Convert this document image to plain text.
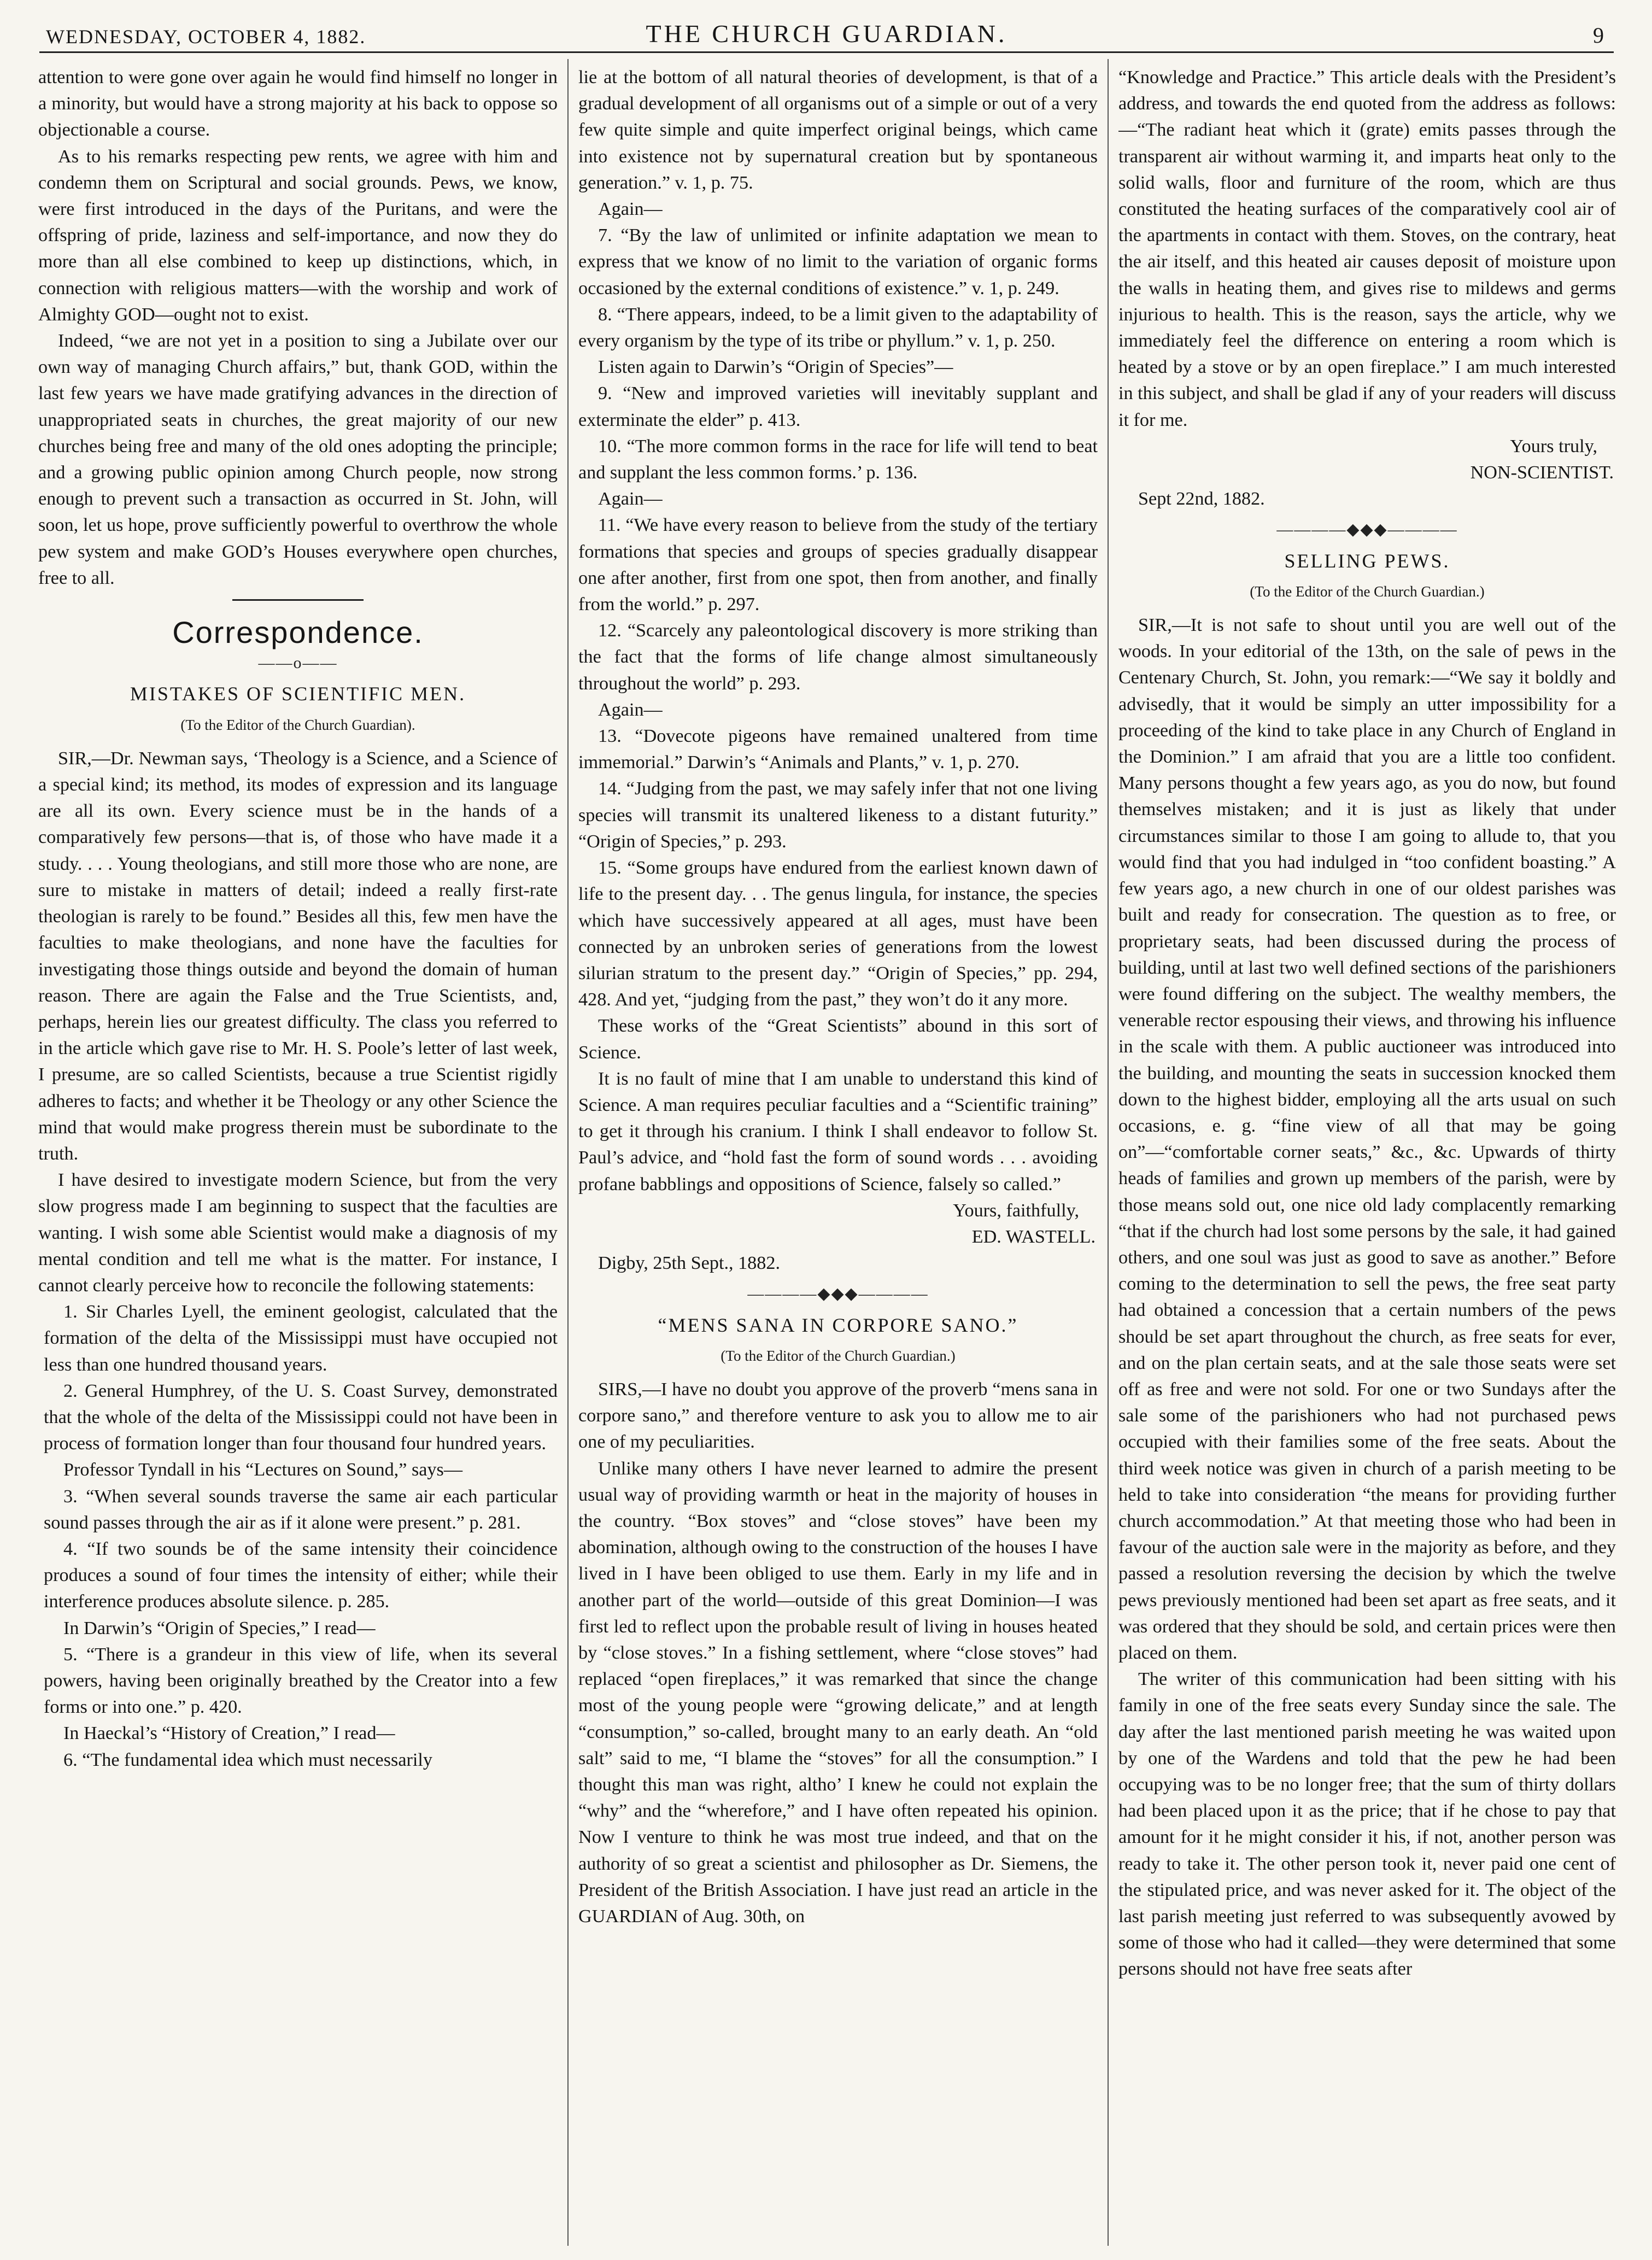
WEDNESDAY, OCTOBER 4, 1882.	THE CHURCH GUARDIAN.	9

attention to were gone over again he would find himself no longer in a minority, but would have a strong majority at his back to oppose so objectionable a course.

As to his remarks respecting pew rents, we agree with him and condemn them on Scriptural and social grounds. Pews, we know, were first introduced in the days of the Puritans, and were the offspring of pride, laziness and self-importance, and now they do more than all else combined to keep up distinctions, which, in connection with religious matters—with the worship and work of Almighty GOD—ought not to exist.

Indeed, “we are not yet in a position to sing a Jubilate over our own way of managing Church affairs,” but, thank GOD, within the last few years we have made gratifying advances in the direction of unappropriated seats in churches, the great majority of our new churches being free and many of the old ones adopting the principle; and a growing public opinion among Church people, now strong enough to prevent such a transaction as occurred in St. John, will soon, let us hope, prove sufficiently powerful to overthrow the whole pew system and make GOD’s Houses everywhere open churches, free to all.

Correspondence.
——o——
MISTAKES OF SCIENTIFIC MEN.
(To the Editor of the Church Guardian).

SIR,—Dr. Newman says, ‘Theology is a Science, and a Science of a special kind; its method, its modes of expression and its language are all its own. Every science must be in the hands of a comparatively few persons—that is, of those who have made it a study. . . . Young theologians, and still more those who are none, are sure to mistake in matters of detail; indeed a really first-rate theologian is rarely to be found.” Besides all this, few men have the faculties to make theologians, and none have the faculties for investigating those things outside and beyond the domain of human reason. There are again the False and the True Scientists, and, perhaps, herein lies our greatest difficulty. The class you referred to in the article which gave rise to Mr. H. S. Poole’s letter of last week, I presume, are so called Scientists, because a true Scientist rigidly adheres to facts; and whether it be Theology or any other Science the mind that would make progress therein must be subordinate to the truth.

I have desired to investigate modern Science, but from the very slow progress made I am beginning to suspect that the faculties are wanting. I wish some able Scientist would make a diagnosis of my mental condition and tell me what is the matter. For instance, I cannot clearly perceive how to reconcile the following statements:

1. Sir Charles Lyell, the eminent geologist, calculated that the formation of the delta of the Mississippi must have occupied not less than one hundred thousand years.

2. General Humphrey, of the U. S. Coast Survey, demonstrated that the whole of the delta of the Mississippi could not have been in process of formation longer than four thousand four hundred years.

Professor Tyndall in his “Lectures on Sound,” says—

3. “When several sounds traverse the same air each particular sound passes through the air as if it alone were present.” p. 281.

4. “If two sounds be of the same intensity their coincidence produces a sound of four times the intensity of either; while their interference produces absolute silence. p. 285.

In Darwin’s “Origin of Species,” I read—

5. “There is a grandeur in this view of life, when its several powers, having been originally breathed by the Creator into a few forms or into one.” p. 420.

In Haeckal’s “History of Creation,” I read—

6. “The fundamental idea which must necessarily

lie at the bottom of all natural theories of development, is that of a gradual development of all organisms out of a simple or out of a very few quite simple and quite imperfect original beings, which came into existence not by supernatural creation but by spontaneous generation.” v. 1, p. 75.

Again—

7. “By the law of unlimited or infinite adaptation we mean to express that we know of no limit to the variation of organic forms occasioned by the external conditions of existence.” v. 1, p. 249.

8. “There appears, indeed, to be a limit given to the adaptability of every organism by the type of its tribe or phyllum.” v. 1, p. 250.

Listen again to Darwin’s “Origin of Species”—

9. “New and improved varieties will inevitably supplant and exterminate the elder” p. 413.

10. “The more common forms in the race for life will tend to beat and supplant the less common forms.’ p. 136.

Again—

11. “We have every reason to believe from the study of the tertiary formations that species and groups of species gradually disappear one after another, first from one spot, then from another, and finally from the world.” p. 297.

12. “Scarcely any paleontological discovery is more striking than the fact that the forms of life change almost simultaneously throughout the world” p. 293.

Again—

13. “Dovecote pigeons have remained unaltered from time immemorial.” Darwin’s “Animals and Plants,” v. 1, p. 270.

14. “Judging from the past, we may safely infer that not one living species will transmit its unaltered likeness to a distant futurity.” “Origin of Species,” p. 293.

15. “Some groups have endured from the earliest known dawn of life to the present day. . . The genus lingula, for instance, the species which have successively appeared at all ages, must have been connected by an unbroken series of generations from the lowest silurian stratum to the present day.” “Origin of Species,” pp. 294, 428. And yet, “judging from the past,” they won’t do it any more.

These works of the “Great Scientists” abound in this sort of Science.

It is no fault of mine that I am unable to understand this kind of Science. A man requires peculiar faculties and a “Scientific training” to get it through his cranium. I think I shall endeavor to follow St. Paul’s advice, and “hold fast the form of sound words . . . avoiding profane babblings and oppositions of Science, falsely so called.”

Yours, faithfully,

ED. WASTELL.

Digby, 25th Sept., 1882.

————◆◆◆————
“MENS SANA IN CORPORE SANO.”
(To the Editor of the Church Guardian.)

SIRS,—I have no doubt you approve of the proverb “mens sana in corpore sano,” and therefore venture to ask you to allow me to air one of my peculiarities.

Unlike many others I have never learned to admire the present usual way of providing warmth or heat in the majority of houses in the country. “Box stoves” and “close stoves” have been my abomination, although owing to the construction of the houses I have lived in I have been obliged to use them. Early in my life and in another part of the world—outside of this great Dominion—I was first led to reflect upon the probable result of living in houses heated by “close stoves.” In a fishing settlement, where “close stoves” had replaced “open fireplaces,” it was remarked that since the change most of the young people were “growing delicate,” and at length “consumption,” so-called, brought many to an early death. An “old salt” said to me, “I blame the “stoves” for all the consumption.” I thought this man was right, altho’ I knew he could not explain the “why” and the “wherefore,” and I have often repeated his opinion. Now I venture to think he was most true indeed, and that on the authority of so great a scientist and philosopher as Dr. Siemens, the President of the British Association. I have just read an article in the GUARDIAN of Aug. 30th, on

“Knowledge and Practice.” This article deals with the President’s address, and towards the end quoted from the address as follows:—“The radiant heat which it (grate) emits passes through the transparent air without warming it, and imparts heat only to the solid walls, floor and furniture of the room, which are thus constituted the heating surfaces of the comparatively cool air of the apartments in contact with them. Stoves, on the contrary, heat the air itself, and this heated air causes deposit of moisture upon the walls in heating them, and gives rise to mildews and germs injurious to health. This is the reason, says the article, why we immediately feel the difference on entering a room which is heated by a stove or by an open fireplace.” I am much interested in this subject, and shall be glad if any of your readers will discuss it for me.

Yours truly,

NON-SCIENTIST.

Sept 22nd, 1882.

————◆◆◆————
SELLING PEWS.
(To the Editor of the Church Guardian.)

SIR,—It is not safe to shout until you are well out of the woods. In your editorial of the 13th, on the sale of pews in the Centenary Church, St. John, you remark:—“We say it boldly and advisedly, that it would be simply an utter impossibility for a proceeding of the kind to take place in any Church of England in the Dominion.” I am afraid that you are a little too confident. Many persons thought a few years ago, as you do now, but found themselves mistaken; and it is just as likely that under circumstances similar to those I am going to allude to, that you would find that you had indulged in “too confident boasting.” A few years ago, a new church in one of our oldest parishes was built and ready for consecration. The question as to free, or proprietary seats, had been discussed during the process of building, until at last two well defined sections of the parishioners were found differing on the subject. The wealthy members, the venerable rector espousing their views, and throwing his influence in the scale with them. A public auctioneer was introduced into the building, and mounting the seats in succession knocked them down to the highest bidder, employing all the arts usual on such occasions, e. g. “fine view of all that may be going on”—“comfortable corner seats,” &c., &c. Upwards of thirty heads of families and grown up members of the parish, were by those means sold out, one nice old lady complacently remarking “that if the church had lost some persons by the sale, it had gained others, and one soul was just as good to save as another.” Before coming to the determination to sell the pews, the free seat party had obtained a concession that a certain numbers of the pews should be set apart throughout the church, as free seats for ever, and on the plan certain seats, and at the sale those seats were set off as free and were not sold. For one or two Sundays after the sale some of the parishioners who had not purchased pews occupied with their families some of the free seats. About the third week notice was given in church of a parish meeting to be held to take into consideration “the means for providing further church accommodation.” At that meeting those who had been in favour of the auction sale were in the majority as before, and they passed a resolution reversing the decision by which the twelve pews previously mentioned had been set apart as free seats, and it was ordered that they should be sold, and certain prices were then placed on them.

The writer of this communication had been sitting with his family in one of the free seats every Sunday since the sale. The day after the last mentioned parish meeting he was waited upon by one of the Wardens and told that the pew he had been occupying was to be no longer free; that the sum of thirty dollars had been placed upon it as the price; that if he chose to pay that amount for it he might consider it his, if not, another person was ready to take it. The other person took it, never paid one cent of the stipulated price, and was never asked for it. The object of the last parish meeting just referred to was subsequently avowed by some of those who had it called—they were determined that some persons should not have free seats after
